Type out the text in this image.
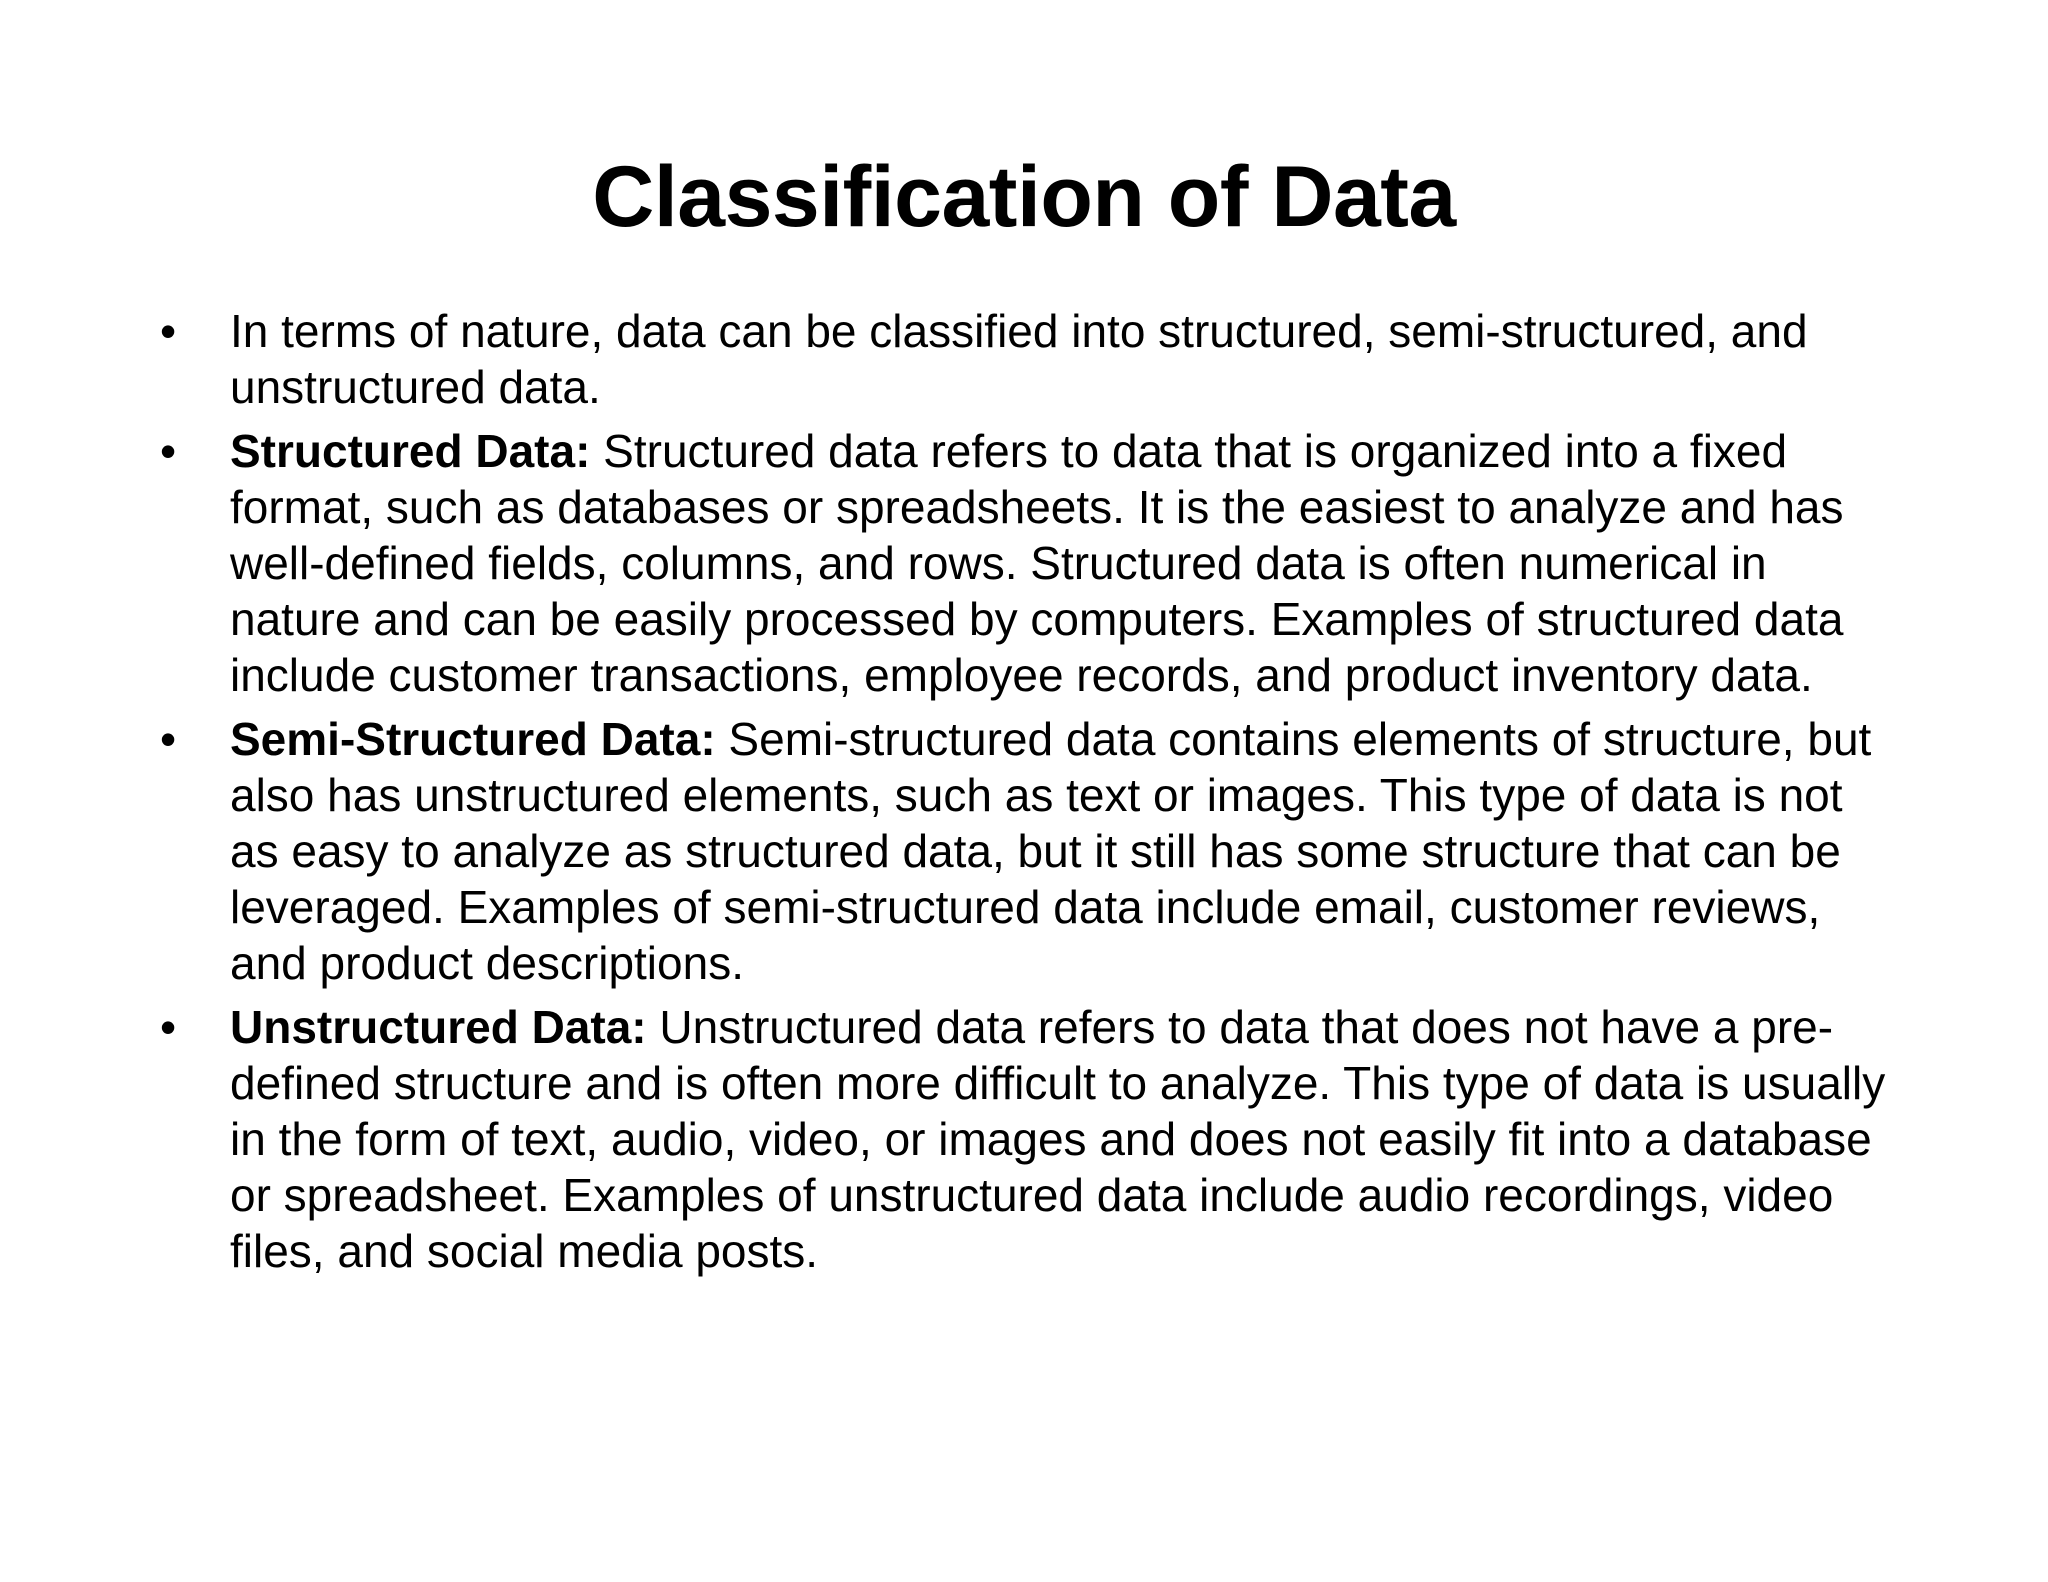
Classification of Data
• In terms of nature, data can be classified into structured, semi-structured, and unstructured data.
• Structured Data: Structured data refers to data that is organized into a fixed format, such as databases or spreadsheets. It is the easiest to analyze and has well-defined fields, columns, and rows. Structured data is often numerical in nature and can be easily processed by computers. Examples of structured data include customer transactions, employee records, and product inventory data.
• Semi-Structured Data: Semi-structured data contains elements of structure, but also has unstructured elements, such as text or images. This type of data is not as easy to analyze as structured data, but it still has some structure that can be leveraged. Examples of semi-structured data include email, customer reviews, and product descriptions.
• Unstructured Data: Unstructured data refers to data that does not have a pre-defined structure and is often more difficult to analyze. This type of data is usually in the form of text, audio, video, or images and does not easily fit into a database or spreadsheet. Examples of unstructured data include audio recordings, video files, and social media posts.
